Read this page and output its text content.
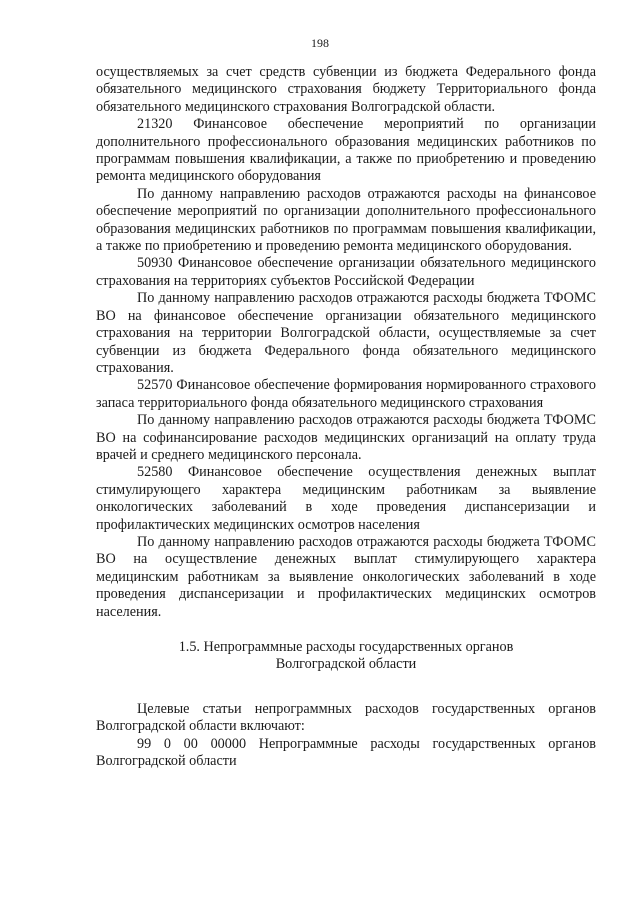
198

осуществляемых за счет средств субвенции из бюджета Федерального фонда обязательного медицинского страхования бюджету Территориального фонда обязательного медицинского страхования Волгоградской области.

21320 Финансовое обеспечение мероприятий по организации дополнительного профессионального образования медицинских работников по программам повышения квалификации, а также по приобретению и проведению ремонта медицинского оборудования

По данному направлению расходов отражаются расходы на финансовое обеспечение мероприятий по организации дополнительного профессионального образования медицинских работников по программам повышения квалификации, а также по приобретению и проведению ремонта медицинского оборудования.

50930 Финансовое обеспечение организации обязательного медицинского страхования на территориях субъектов Российской Федерации

По данному направлению расходов отражаются расходы бюджета ТФОМС ВО на финансовое обеспечение организации обязательного медицинского страхования на территории Волгоградской области, осуществляемые за счет субвенции из бюджета Федерального фонда обязательного медицинского страхования.

52570 Финансовое обеспечение формирования нормированного страхового запаса территориального фонда обязательного медицинского страхования

По данному направлению расходов отражаются расходы бюджета ТФОМС ВО на софинансирование расходов медицинских организаций на оплату труда врачей и среднего медицинского персонала.

52580 Финансовое обеспечение осуществления денежных выплат стимулирующего характера медицинским работникам за выявление онкологических заболеваний в ходе проведения диспансеризации и профилактических медицинских осмотров населения

По данному направлению расходов отражаются расходы бюджета ТФОМС ВО на осуществление денежных выплат стимулирующего характера медицинским работникам за выявление онкологических заболеваний в ходе проведения диспансеризации и профилактических медицинских осмотров населения.

1.5. Непрограммные расходы государственных органов
Волгоградской области

Целевые статьи непрограммных расходов государственных органов Волгоградской области включают:

99 0 00 00000 Непрограммные расходы государственных органов Волгоградской области
